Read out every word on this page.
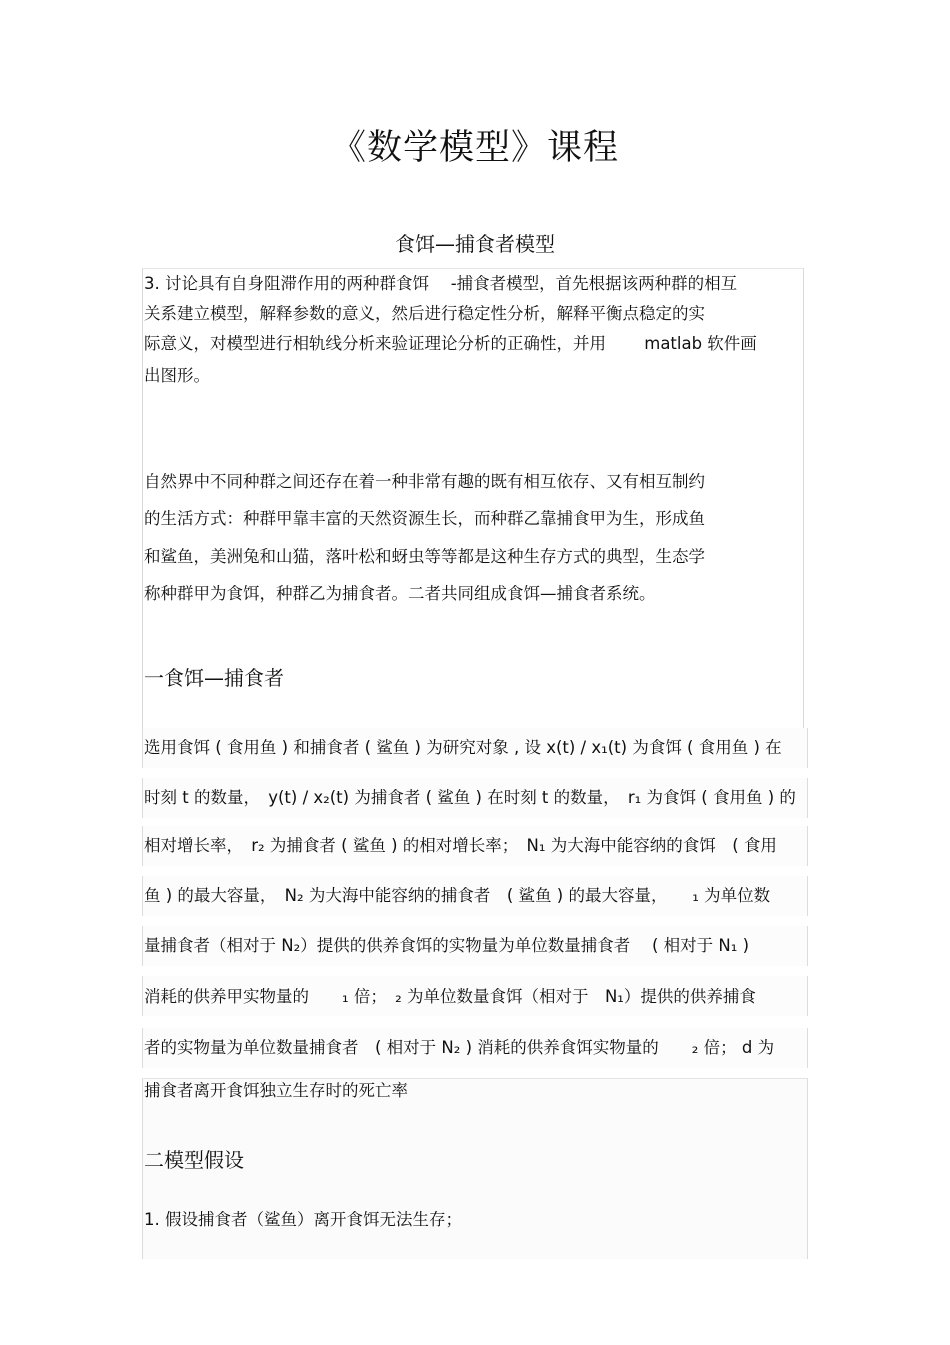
《数学模型》课程
食饵—捕食者模型
3. 讨论具有自身阻滞作用的两种群食饵　 -捕食者模型，首先根据该两种群的相互
关系建立模型，解释参数的意义，然后进行稳定性分析，解释平衡点稳定的实
际意义，对模型进行相轨线分析来验证理论分析的正确性，并用　　 matlab 软件画
出图形。
自然界中不同种群之间还存在着一种非常有趣的既有相互依存、又有相互制约
的生活方式：种群甲靠丰富的天然资源生长，而种群乙靠捕食甲为生，形成鱼
和鲨鱼，美洲兔和山猫，落叶松和蚜虫等等都是这种生存方式的典型，生态学
称种群甲为食饵，种群乙为捕食者。二者共同组成食饵—捕食者系统。
一食饵—捕食者
选用食饵 ( 食用鱼 ) 和捕食者 ( 鲨鱼 ) 为研究对象 , 设 x(t) / x₁(t) 为食饵 ( 食用鱼 ) 在
时刻 t 的数量，　y(t) / x₂(t) 为捕食者 ( 鲨鱼 ) 在时刻 t 的数量，　r₁ 为食饵 ( 食用鱼 ) 的
相对增长率，　r₂ 为捕食者 ( 鲨鱼 ) 的相对增长率；　N₁ 为大海中能容纳的食饵　( 食用
鱼 ) 的最大容量，　N₂ 为大海中能容纳的捕食者　( 鲨鱼 ) 的最大容量，　　₁ 为单位数
量捕食者（相对于 N₂）提供的供养食饵的实物量为单位数量捕食者　 ( 相对于 N₁ )
消耗的供养甲实物量的　　₁ 倍；　₂ 为单位数量食饵（相对于　N₁）提供的供养捕食
者的实物量为单位数量捕食者　( 相对于 N₂ ) 消耗的供养食饵实物量的　　₂ 倍； d 为
捕食者离开食饵独立生存时的死亡率
二模型假设
1. 假设捕食者（鲨鱼）离开食饵无法生存；
